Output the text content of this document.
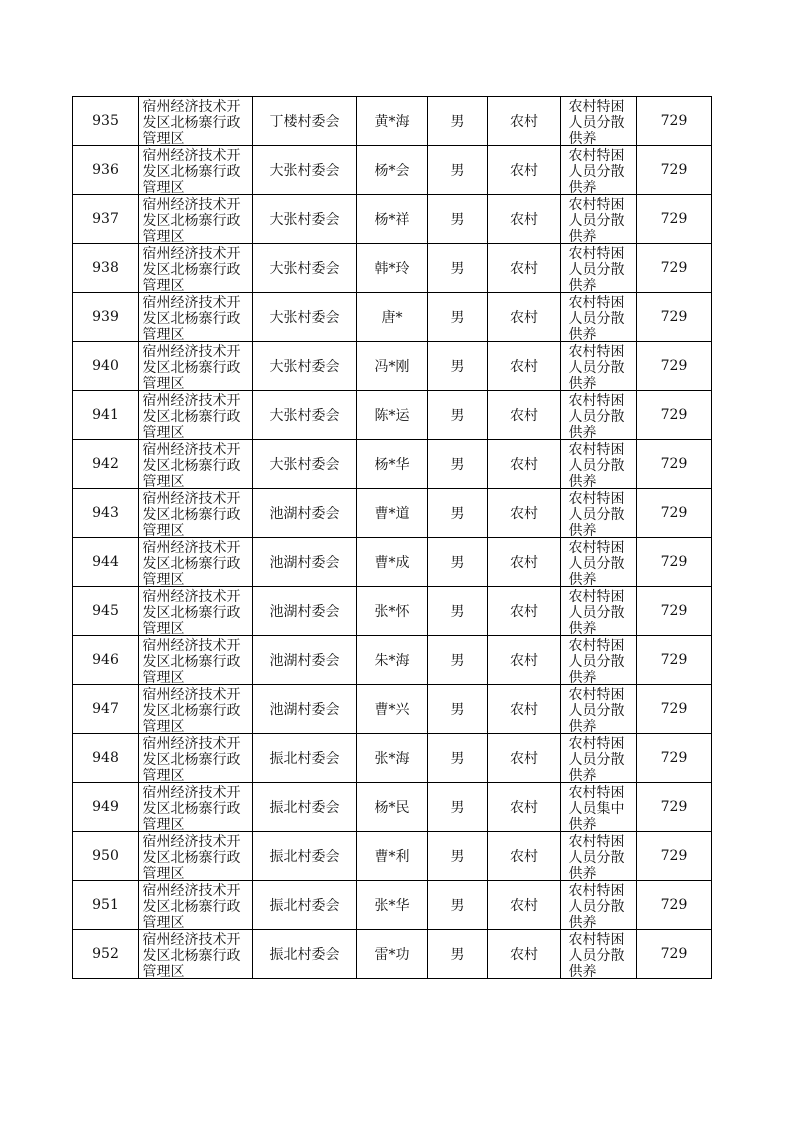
935	宿州经济技术开发区北杨寨行政管理区	丁楼村委会	黄*海	男	农村	农村特困人员分散供养	729
936	宿州经济技术开发区北杨寨行政管理区	大张村委会	杨*会	男	农村	农村特困人员分散供养	729
937	宿州经济技术开发区北杨寨行政管理区	大张村委会	杨*祥	男	农村	农村特困人员分散供养	729
938	宿州经济技术开发区北杨寨行政管理区	大张村委会	韩*玲	男	农村	农村特困人员分散供养	729
939	宿州经济技术开发区北杨寨行政管理区	大张村委会	唐*	男	农村	农村特困人员分散供养	729
940	宿州经济技术开发区北杨寨行政管理区	大张村委会	冯*刚	男	农村	农村特困人员分散供养	729
941	宿州经济技术开发区北杨寨行政管理区	大张村委会	陈*运	男	农村	农村特困人员分散供养	729
942	宿州经济技术开发区北杨寨行政管理区	大张村委会	杨*华	男	农村	农村特困人员分散供养	729
943	宿州经济技术开发区北杨寨行政管理区	池湖村委会	曹*道	男	农村	农村特困人员分散供养	729
944	宿州经济技术开发区北杨寨行政管理区	池湖村委会	曹*成	男	农村	农村特困人员分散供养	729
945	宿州经济技术开发区北杨寨行政管理区	池湖村委会	张*怀	男	农村	农村特困人员分散供养	729
946	宿州经济技术开发区北杨寨行政管理区	池湖村委会	朱*海	男	农村	农村特困人员分散供养	729
947	宿州经济技术开发区北杨寨行政管理区	池湖村委会	曹*兴	男	农村	农村特困人员分散供养	729
948	宿州经济技术开发区北杨寨行政管理区	振北村委会	张*海	男	农村	农村特困人员分散供养	729
949	宿州经济技术开发区北杨寨行政管理区	振北村委会	杨*民	男	农村	农村特困人员集中供养	729
950	宿州经济技术开发区北杨寨行政管理区	振北村委会	曹*利	男	农村	农村特困人员分散供养	729
951	宿州经济技术开发区北杨寨行政管理区	振北村委会	张*华	男	农村	农村特困人员分散供养	729
952	宿州经济技术开发区北杨寨行政管理区	振北村委会	雷*功	男	农村	农村特困人员分散供养	729
